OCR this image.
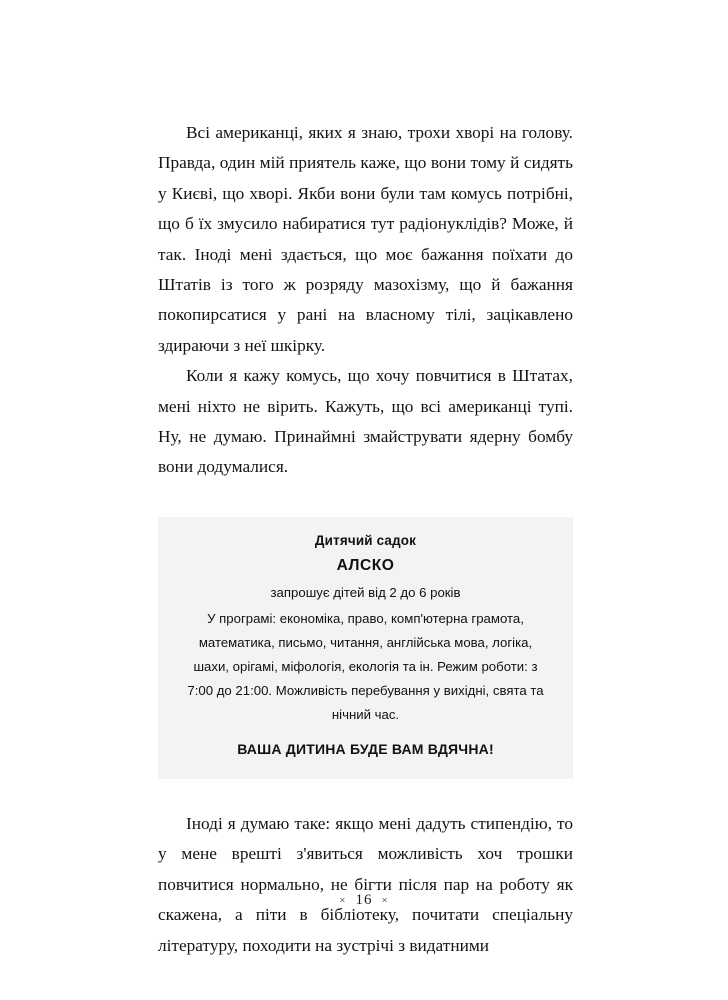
Всі американці, яких я знаю, трохи хворі на голову. Правда, один мій приятель каже, що вони тому й сидять у Києві, що хворі. Якби вони були там комусь потрібні, що б їх змусило набиратися тут радіонуклідів? Може, й так. Іноді мені здається, що моє бажання поїхати до Штатів із того ж розряду мазохізму, що й бажання покопирсатися у рані на власному тілі, зацікавлено здираючи з неї шкірку.

Коли я кажу комусь, що хочу повчитися в Штатах, мені ніхто не вірить. Кажуть, що всі американці тупі. Ну, не думаю. Принаймні змайструвати ядерну бомбу вони додумалися.

Дитячий садок
АЛСКО
запрошує дітей від 2 до 6 років
У програмі: економіка, право, комп'ютерна грамота, математика, письмо, читання, англійська мова, логіка, шахи, орігамі, міфологія, екологія та ін. Режим роботи: з 7:00 до 21:00. Можливість перебування у вихідні, свята та нічний час.
ВАША ДИТИНА БУДЕ ВАМ ВДЯЧНА!

Іноді я думаю таке: якщо мені дадуть стипендію, то у мене врешті з'явиться можливість хоч трошки повчитися нормально, не бігти після пар на роботу як скажена, а піти в бібліотеку, почитати спеціальну літературу, походити на зустрічі з видатними

× 16 ×
